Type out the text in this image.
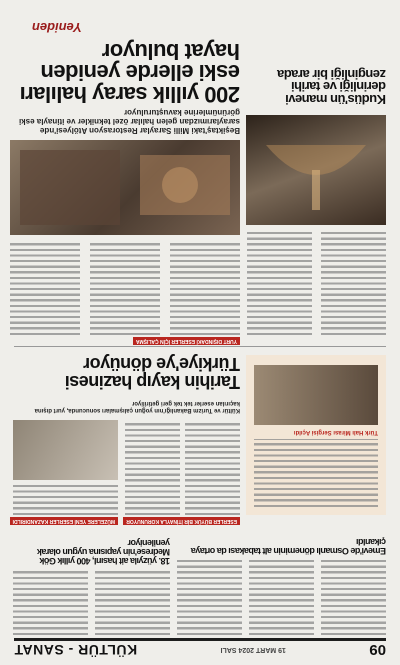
09
19 MART 2024 SALI
KÜLTÜR - SANAT
Yeniden
200 yıllık saray halıları eski ellerde yeniden hayat buluyor
Beşiktaş'taki Milli Saraylar Restorasyon Atölyesi'nde saraylarımızdan gelen halılar özel teknikler ve itinayla eski görünümlerine kavuşturuluyor
YURT DIŞINDAKİ ESERLER İÇİN ÇALIŞMA
Kudüs'ün manevi derinliği ve tarihi zenginliği bir arada
Tarihin kayıp hazinesi Türkiye'ye dönüyor
Kültür ve Turizm Bakanlığı'nın yoğun çalışmaları sonucunda, yurt dışına kaçırılan eserler tek tek geri getiriliyor
ESERLER BÜYÜK BİR İTİNAYLA KORUNUYOR
MÜZELERE YENİ ESERLER KAZANDIRILDI
Türk Halı Mirası Sergisi Açıldı
18. yüzyıla ait hasırıl, 400 yıllık Gök Medrese'nin yapısına uygun olarak yenileniyor
Emevi'de Osmanlı döneminin alt tabakası da ortaya çıkarıldı
